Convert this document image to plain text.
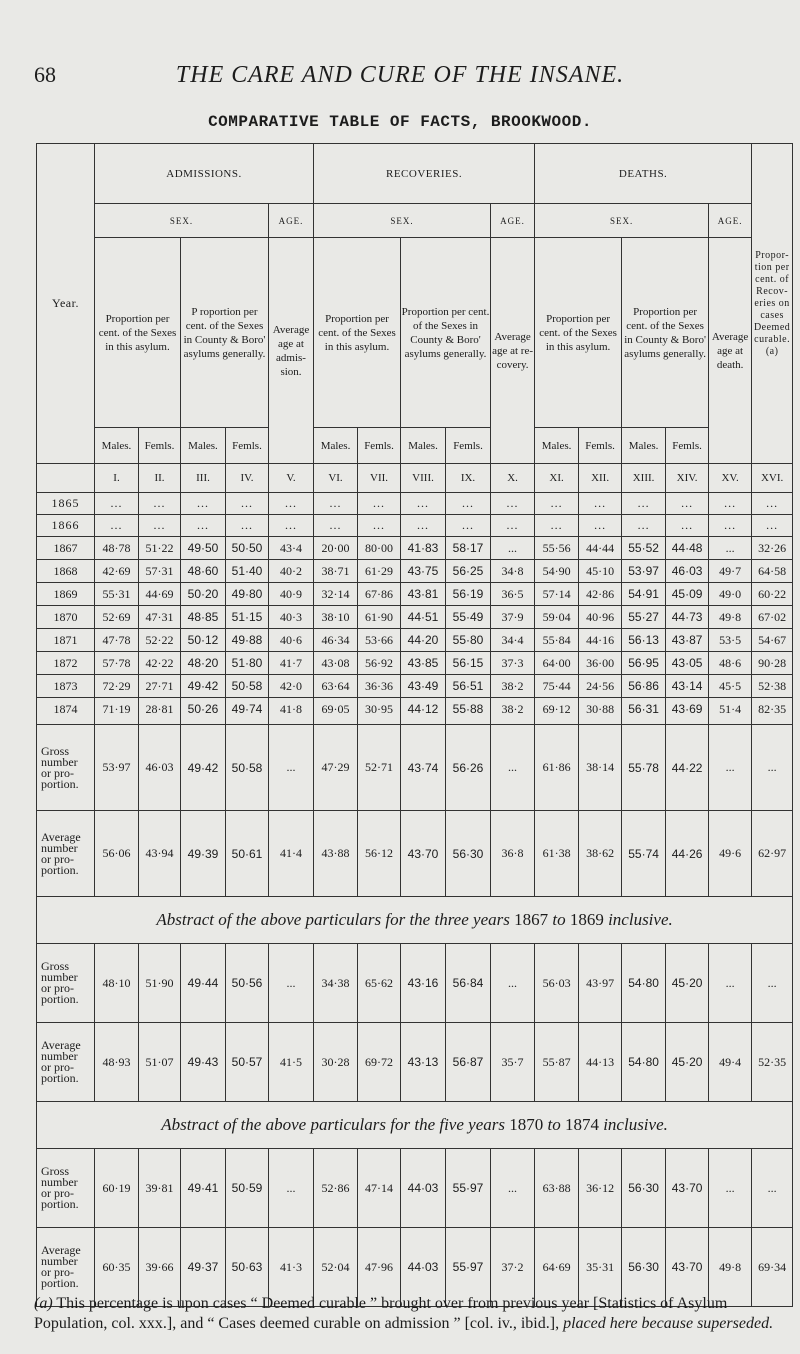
68	THE CARE AND CURE OF THE INSANE.
COMPARATIVE TABLE OF FACTS, BROOKWOOD.
Year.	ADMISSIONS.					RECOVERIES.					DEATHS.					Propor- tion per cent. of Recov- eries on cases Deemed curable. (a)
	SEX.				AGE.	SEX.				AGE.	SEX.				AGE.	
	Proportion per cent. of the Sexes in this asylum.		P roportion per cent. of the Sexes in County & Boro' asylums generally.		Average age at admis- sion.	Proportion per cent. of the Sexes in this asylum.		Proportion per cent. of the Sexes in County & Boro' asylums generally.		Average age at re- covery.	Proportion per cent. of the Sexes in this asylum.		Proportion per cent. of the Sexes in County & Boro' asylums generally.		Average age at death.	
	Males.	Femls.	Males.	Femls.		Males.	Femls.	Males.	Femls.		Males.	Femls.	Males.	Femls.		
	I.	II.	III.	IV.	V.	VI.	VII.	VIII.	IX.	X.	XI.	XII.	XIII.	XIV.	XV.	XVI.
1865	...	...	...	...	...	...	...	...	...	...	...	...	...	...	...	...
1866	...	...	...	...	...	...	...	...	...	...	...	...	...	...	...	...
1867	48·78	51·22	49·50	50·50	43·4	20·00	80·00	41·83	58·17	...	55·56	44·44	55·52	44·48	...	32·26
1868	42·69	57·31	48·60	51·40	40·2	38·71	61·29	43·75	56·25	34·8	54·90	45·10	53·97	46·03	49·7	64·58
1869	55·31	44·69	50·20	49·80	40·9	32·14	67·86	43·81	56·19	36·5	57·14	42·86	54·91	45·09	49·0	60·22
1870	52·69	47·31	48·85	51·15	40·3	38·10	61·90	44·51	55·49	37·9	59·04	40·96	55·27	44·73	49·8	67·02
1871	47·78	52·22	50·12	49·88	40·6	46·34	53·66	44·20	55·80	34·4	55·84	44·16	56·13	43·87	53·5	54·67
1872	57·78	42·22	48·20	51·80	41·7	43·08	56·92	43·85	56·15	37·3	64·00	36·00	56·95	43·05	48·6	90·28
1873	72·29	27·71	49·42	50·58	42·0	63·64	36·36	43·49	56·51	38·2	75·44	24·56	56·86	43·14	45·5	52·38
1874	71·19	28·81	50·26	49·74	41·8	69·05	30·95	44·12	55·88	38·2	69·12	30·88	56·31	43·69	51·4	82·35

Gross
number
or pro-
portion.	53·97	46·03	49·42	50·58	...	47·29	52·71	43·74	56·26	...	61·86	38·14	55·78	44·22	...	...

Average
number
or pro-
portion.	56·06	43·94	49·39	50·61	41·4	43·88	56·12	43·70	56·30	36·8	61·38	38·62	55·74	44·26	49·6	62·97
Abstract of the above particulars for the three years 1867 to 1869 inclusive.																

Gross
number
or pro-
portion.	48·10	51·90	49·44	50·56	...	34·38	65·62	43·16	56·84	...	56·03	43·97	54·80	45·20	...	...

Average
number
or pro-
portion.	48·93	51·07	49·43	50·57	41·5	30·28	69·72	43·13	56·87	35·7	55·87	44·13	54·80	45·20	49·4	52·35
Abstract of the above particulars for the five years 1870 to 1874 inclusive.																

Gross
number
or pro-
portion.	60·19	39·81	49·41	50·59	...	52·86	47·14	44·03	55·97	...	63·88	36·12	56·30	43·70	...	...

Average
number
or pro-
portion.	60·35	39·66	49·37	50·63	41·3	52·04	47·96	44·03	55·97	37·2	64·69	35·31	56·30	43·70	49·8	69·34
(a) This percentage is upon cases “ Deemed curable ” brought over from previous year [Statistics of Asylum Population, col. xxx.], and “ Cases deemed curable on admission ” [col. iv., ibid.], placed here because superseded.
